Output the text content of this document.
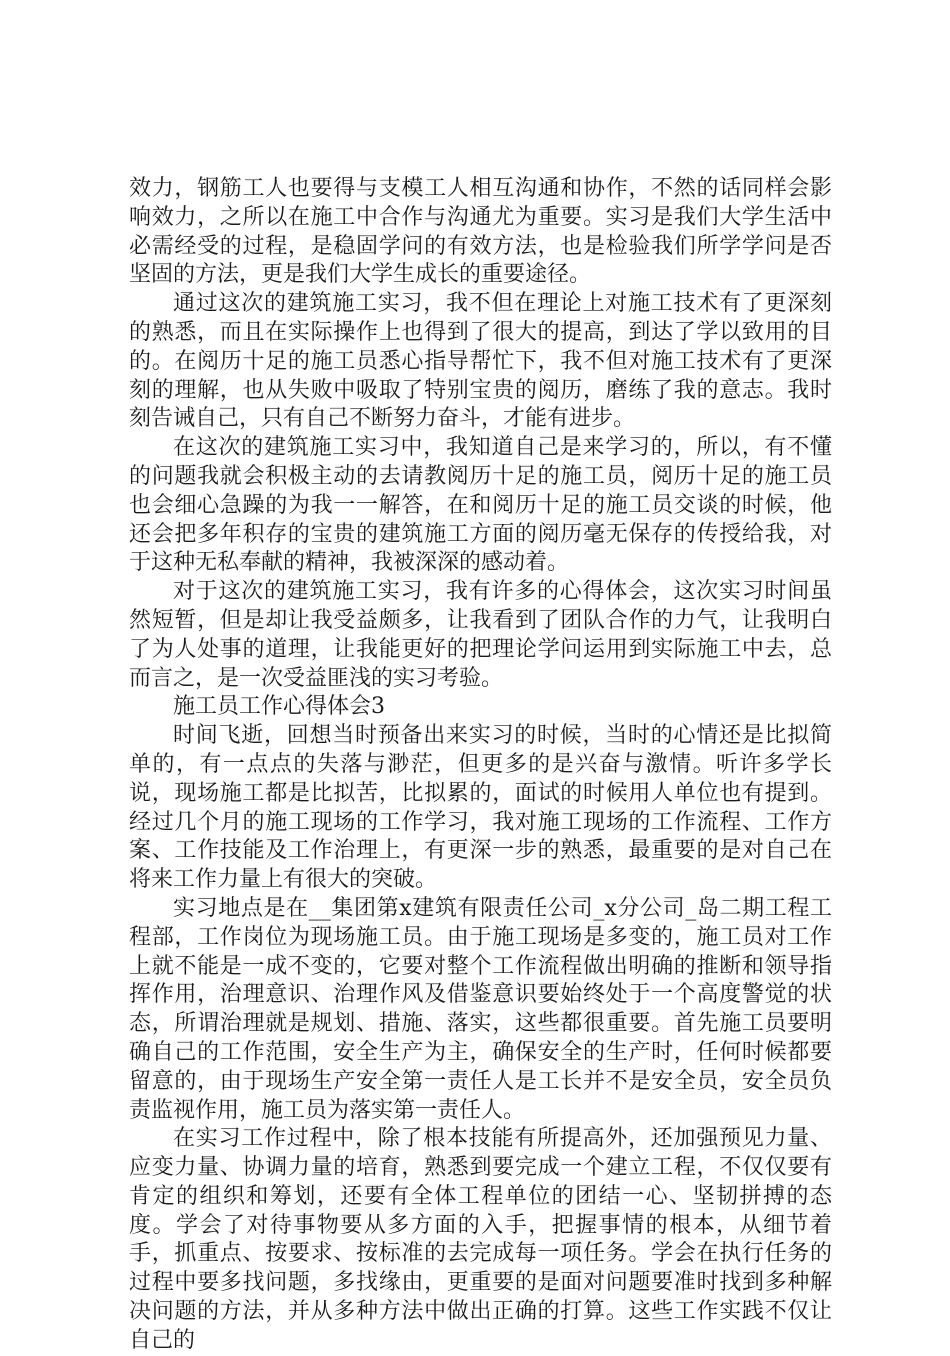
效力，钢筋工人也要得与支模工人相互沟通和协作，不然的话同样会影响效力，之所以在施工中合作与沟通尤为重要。实习是我们大学生活中必需经受的过程，是稳固学问的有效方法，也是检验我们所学学问是否坚固的方法，更是我们大学生成长的重要途径。

通过这次的建筑施工实习，我不但在理论上对施工技术有了更深刻的熟悉，而且在实际操作上也得到了很大的提高，到达了学以致用的目的。在阅历十足的施工员悉心指导帮忙下，我不但对施工技术有了更深刻的理解，也从失败中吸取了特别宝贵的阅历，磨练了我的意志。我时刻告诫自己，只有自己不断努力奋斗，才能有进步。

在这次的建筑施工实习中，我知道自己是来学习的，所以，有不懂的问题我就会积极主动的去请教阅历十足的施工员，阅历十足的施工员也会细心急躁的为我一一解答，在和阅历十足的施工员交谈的时候，他还会把多年积存的宝贵的建筑施工方面的阅历毫无保存的传授给我，对于这种无私奉献的精神，我被深深的感动着。

对于这次的建筑施工实习，我有许多的心得体会，这次实习时间虽然短暂，但是却让我受益颇多，让我看到了团队合作的力气，让我明白了为人处事的道理，让我能更好的把理论学问运用到实际施工中去，总而言之，是一次受益匪浅的实习考验。

施工员工作心得体会3

时间飞逝，回想当时预备出来实习的时候，当时的心情还是比拟简单的，有一点点的失落与渺茫，但更多的是兴奋与激情。听许多学长说，现场施工都是比拟苦，比拟累的，面试的时候用人单位也有提到。经过几个月的施工现场的工作学习，我对施工现场的工作流程、工作方案、工作技能及工作治理上，有更深一步的熟悉，最重要的是对自己在将来工作力量上有很大的突破。

实习地点是在__集团第x建筑有限责任公司_x分公司_岛二期工程工程部，工作岗位为现场施工员。由于施工现场是多变的，施工员对工作上就不能是一成不变的，它要对整个工作流程做出明确的推断和领导指挥作用，治理意识、治理作风及借鉴意识要始终处于一个高度警觉的状态，所谓治理就是规划、措施、落实，这些都很重要。首先施工员要明确自己的工作范围，安全生产为主，确保安全的生产时，任何时候都要留意的，由于现场生产安全第一责任人是工长并不是安全员，安全员负责监视作用，施工员为落实第一责任人。

在实习工作过程中，除了根本技能有所提高外，还加强预见力量、应变力量、协调力量的培育，熟悉到要完成一个建立工程，不仅仅要有肯定的组织和筹划，还要有全体工程单位的团结一心、坚韧拼搏的态度。学会了对待事物要从多方面的入手，把握事情的根本，从细节着手，抓重点、按要求、按标准的去完成每一项任务。学会在执行任务的过程中要多找问题，多找缘由，更重要的是面对问题要准时找到多种解决问题的方法，并从多种方法中做出正确的打算。这些工作实践不仅让自己的
